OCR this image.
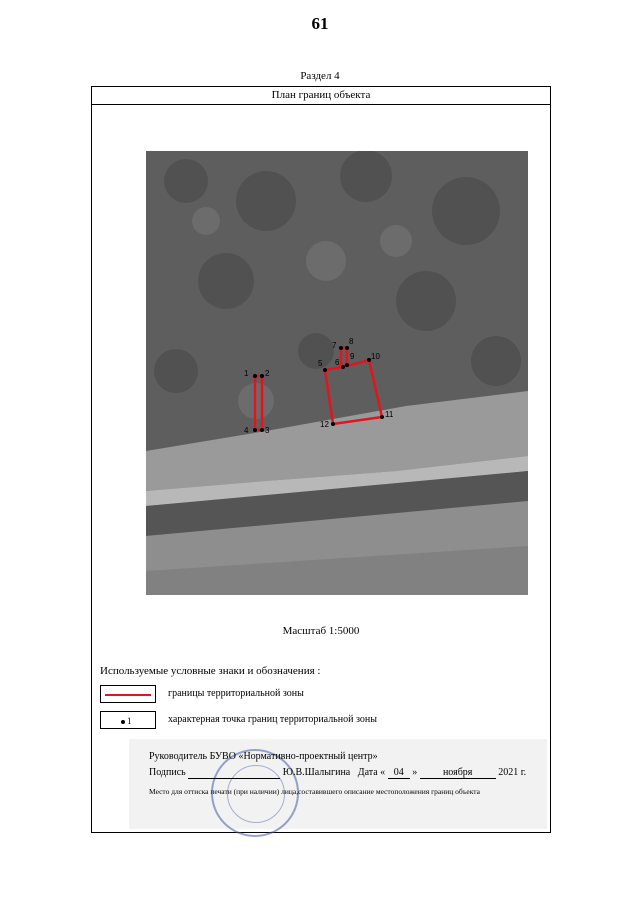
61
Раздел 4
План границ объекта
1 2
3
4
5 6
7 8
9 10
11
12
Масштаб 1:5000
Используемые условные знаки и обозначения :
границы территориальной зоны
1	характерная точка границ территориальной зоны
Руководитель БУВО «Нормативно-проектный центр»
Подпись	Ю.В.Шалыгина Дата « 04 »	ноября	2021 г.
Место для оттиска печати (при наличии) лица,составившего описание местоположения границ объекта
